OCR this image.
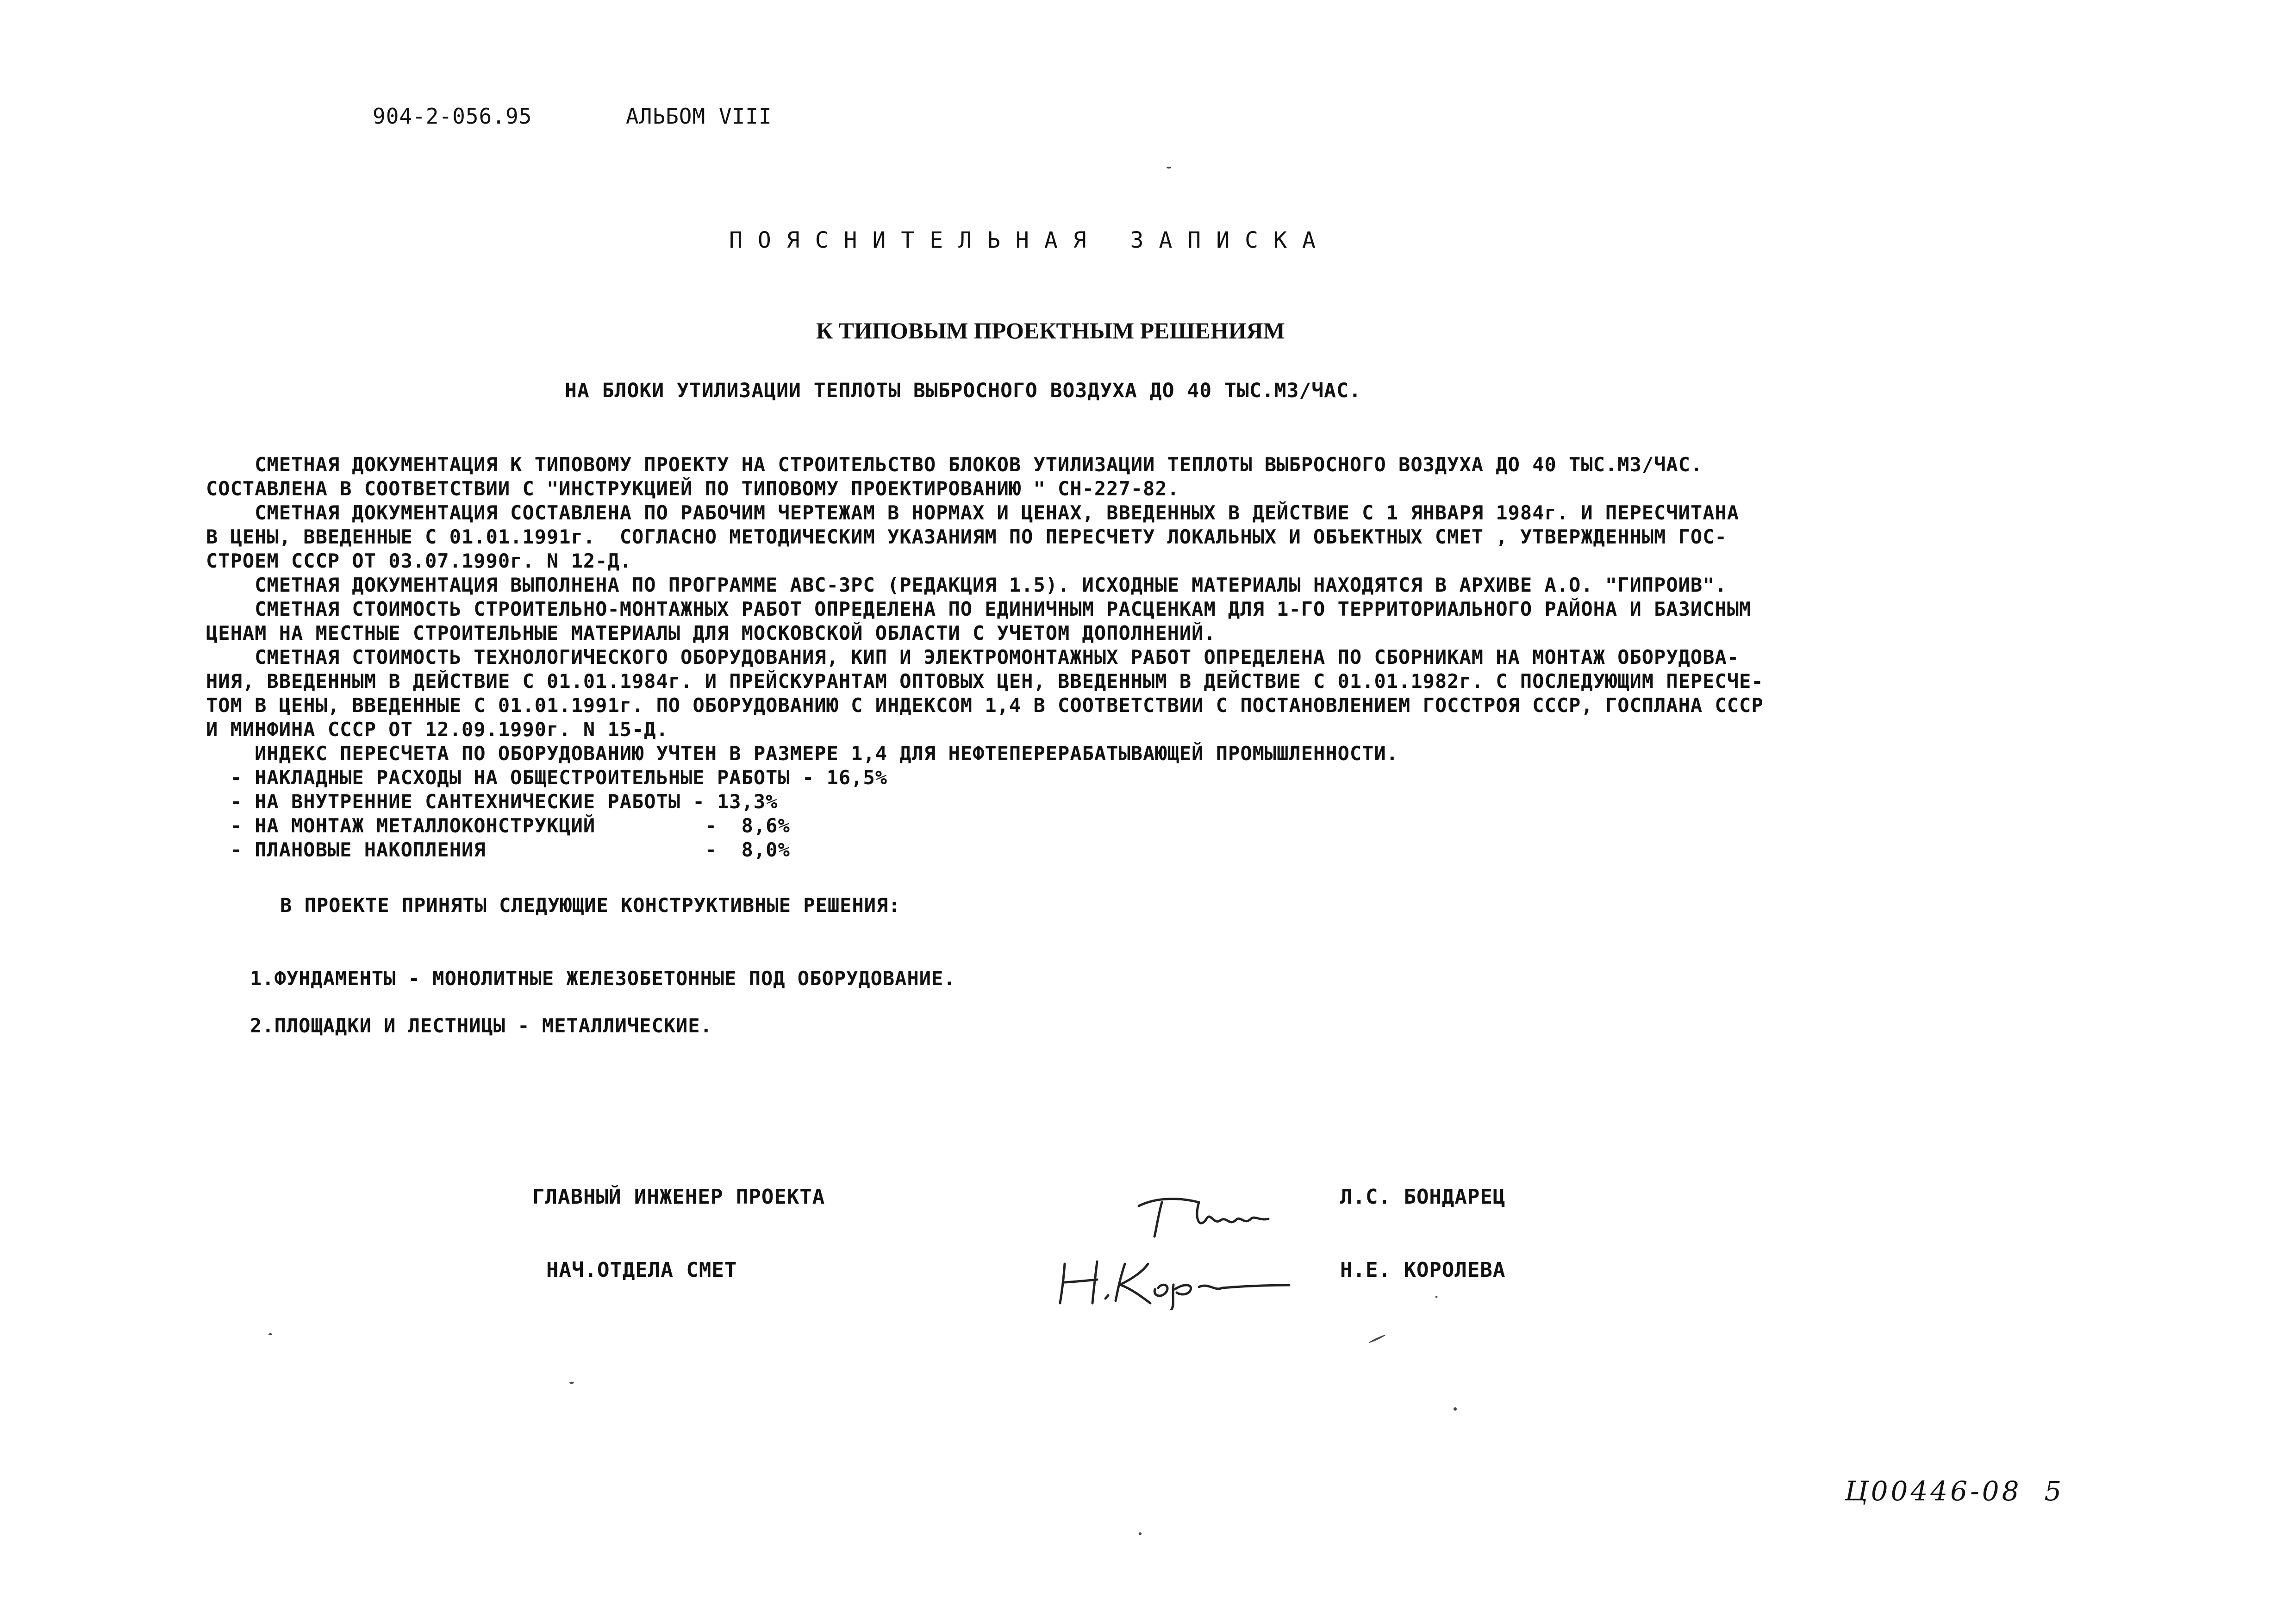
904-2-056.95	АЛЬБОМ VIII
ПОЯСНИТЕЛЬНАЯ ЗАПИСКА
К ТИПОВЫМ ПРОЕКТНЫМ РЕШЕНИЯМ
НА БЛОКИ УТИЛИЗАЦИИ ТЕПЛОТЫ ВЫБРОСНОГО ВОЗДУХА ДО 40 ТЫС.М3/ЧАС.
СМЕТНАЯ ДОКУМЕНТАЦИЯ К ТИПОВОМУ ПРОЕКТУ НА СТРОИТЕЛЬСТВО БЛОКОВ УТИЛИЗАЦИИ ТЕПЛОТЫ ВЫБРОСНОГО ВОЗДУХА ДО 40 ТЫС.М3/ЧАС.
СОСТАВЛЕНА В СООТВЕТСТВИИ С "ИНСТРУКЦИЕЙ ПО ТИПОВОМУ ПРОЕКТИРОВАНИЮ " СН-227-82.
СМЕТНАЯ ДОКУМЕНТАЦИЯ СОСТАВЛЕНА ПО РАБОЧИМ ЧЕРТЕЖАМ В НОРМАХ И ЦЕНАХ, ВВЕДЕННЫХ В ДЕЙСТВИЕ С 1 ЯНВАРЯ 1984г. И ПЕРЕСЧИТАНА
В ЦЕНЫ, ВВЕДЕННЫЕ С 01.01.1991г.  СОГЛАСНО МЕТОДИЧЕСКИМ УКАЗАНИЯМ ПО ПЕРЕСЧЕТУ ЛОКАЛЬНЫХ И ОБЪЕКТНЫХ СМЕТ , УТВЕРЖДЕННЫМ ГОС-
СТРОЕМ СССР ОТ 03.07.1990г. N 12-Д.
СМЕТНАЯ ДОКУМЕНТАЦИЯ ВЫПОЛНЕНА ПО ПРОГРАММЕ АВС-3РС (РЕДАКЦИЯ 1.5). ИСХОДНЫЕ МАТЕРИАЛЫ НАХОДЯТСЯ В АРХИВЕ А.О. "ГИПРОИВ".
СМЕТНАЯ СТОИМОСТЬ СТРОИТЕЛЬНО-МОНТАЖНЫХ РАБОТ ОПРЕДЕЛЕНА ПО ЕДИНИЧНЫМ РАСЦЕНКАМ ДЛЯ 1-ГО ТЕРРИТОРИАЛЬНОГО РАЙОНА И БАЗИСНЫМ
ЦЕНАМ НА МЕСТНЫЕ СТРОИТЕЛЬНЫЕ МАТЕРИАЛЫ ДЛЯ МОСКОВСКОЙ ОБЛАСТИ С УЧЕТОМ ДОПОЛНЕНИЙ.
СМЕТНАЯ СТОИМОСТЬ ТЕХНОЛОГИЧЕСКОГО ОБОРУДОВАНИЯ, КИП И ЭЛЕКТРОМОНТАЖНЫХ РАБОТ ОПРЕДЕЛЕНА ПО СБОРНИКАМ НА МОНТАЖ ОБОРУДОВА-
НИЯ, ВВЕДЕННЫМ В ДЕЙСТВИЕ С 01.01.1984г. И ПРЕЙСКУРАНТАМ ОПТОВЫХ ЦЕН, ВВЕДЕННЫМ В ДЕЙСТВИЕ С 01.01.1982г. С ПОСЛЕДУЮЩИМ ПЕРЕСЧЕ-
ТОМ В ЦЕНЫ, ВВЕДЕННЫЕ С 01.01.1991г. ПО ОБОРУДОВАНИЮ С ИНДЕКСОМ 1,4 В СООТВЕТСТВИИ С ПОСТАНОВЛЕНИЕМ ГОССТРОЯ СССР, ГОСПЛАНА СССР
И МИНФИНА СССР ОТ 12.09.1990г. N 15-Д.
ИНДЕКС ПЕРЕСЧЕТА ПО ОБОРУДОВАНИЮ УЧТЕН В РАЗМЕРЕ 1,4 ДЛЯ НЕФТЕПЕРЕРАБАТЫВАЮЩЕЙ ПРОМЫШЛЕННОСТИ.
- НАКЛАДНЫЕ РАСХОДЫ НА ОБЩЕСТРОИТЕЛЬНЫЕ РАБОТЫ - 16,5%
- НА ВНУТРЕННИЕ САНТЕХНИЧЕСКИЕ РАБОТЫ - 13,3%
- НА МОНТАЖ МЕТАЛЛОКОНСТРУКЦИЙ         -  8,6%
- ПЛАНОВЫЕ НАКОПЛЕНИЯ                  -  8,0%
В ПРОЕКТЕ ПРИНЯТЫ СЛЕДУЮЩИЕ КОНСТРУКТИВНЫЕ РЕШЕНИЯ:
1.ФУНДАМЕНТЫ - МОНОЛИТНЫЕ ЖЕЛЕЗОБЕТОННЫЕ ПОД ОБОРУДОВАНИЕ.
2.ПЛОЩАДКИ И ЛЕСТНИЦЫ - МЕТАЛЛИЧЕСКИЕ.
ГЛАВНЫЙ ИНЖЕНЕР ПРОЕКТА	Л.С. БОНДАРЕЦ
НАЧ.ОТДЕЛА СМЕТ	Н.Е. КОРОЛЕВА
Ц00446-08  5
